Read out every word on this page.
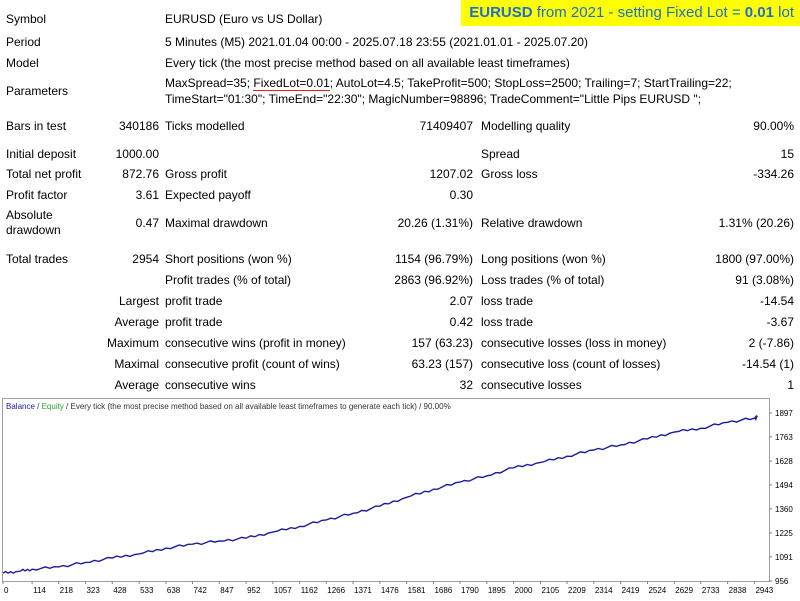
EURUSD from 2021 - setting Fixed Lot = 0.01 lot
Symbol	EURUSD (Euro vs US Dollar)
Period	5 Minutes (M5) 2021.01.04 00:00 - 2025.07.18 23:55 (2021.01.01 - 2025.07.20)
Model	Every tick (the most precise method based on all available least timeframes)
Parameters
MaxSpread=35; FixedLot=0.01; AutoLot=4.5; TakeProfit=500; StopLoss=2500; Trailing=7; StartTrailing=22;
TimeStart="01:30"; TimeEnd="22:30"; MagicNumber=98896; TradeComment="Little Pips EURUSD ";
Bars in test	340186 Ticks modelled	71409407 Modelling quality	90.00%
Initial deposit	1000.00	Spread	15
Total net profit	872.76 Gross profit	1207.02 Gross loss	-334.26
Profit factor	3.61 Expected payoff	0.30
Absolute
drawdown	0.47 Maximal drawdown	20.26 (1.31%) Relative drawdown	1.31% (20.26)
Total trades	2954 Short positions (won %)	1154 (96.79%) Long positions (won %)	1800 (97.00%)
Profit trades (% of total)	2863 (96.92%) Loss trades (% of total)	91 (3.08%)
Largest profit trade	2.07 loss trade	-14.54
Average profit trade	0.42 loss trade	-3.67
Maximum consecutive wins (profit in money)	157 (63.23) consecutive losses (loss in money)	2 (-7.86)
Maximal consecutive profit (count of wins)	63.23 (157) consecutive loss (count of losses)	-14.54 (1)
Average consecutive wins	32 consecutive losses	1
Balance / Equity / Every tick (the most precise method based on all available least timeframes to generate each tick) / 90.00%
0	114 218 323 428 533 638 742 847 952 1057 1162 1266 1371 1476 1581 1686 1790 1895 2000 2105 2209 2314 2419 2524 2629 2733 2838 2943
1897
1763
1628
1494
1360
1225
1091
956
